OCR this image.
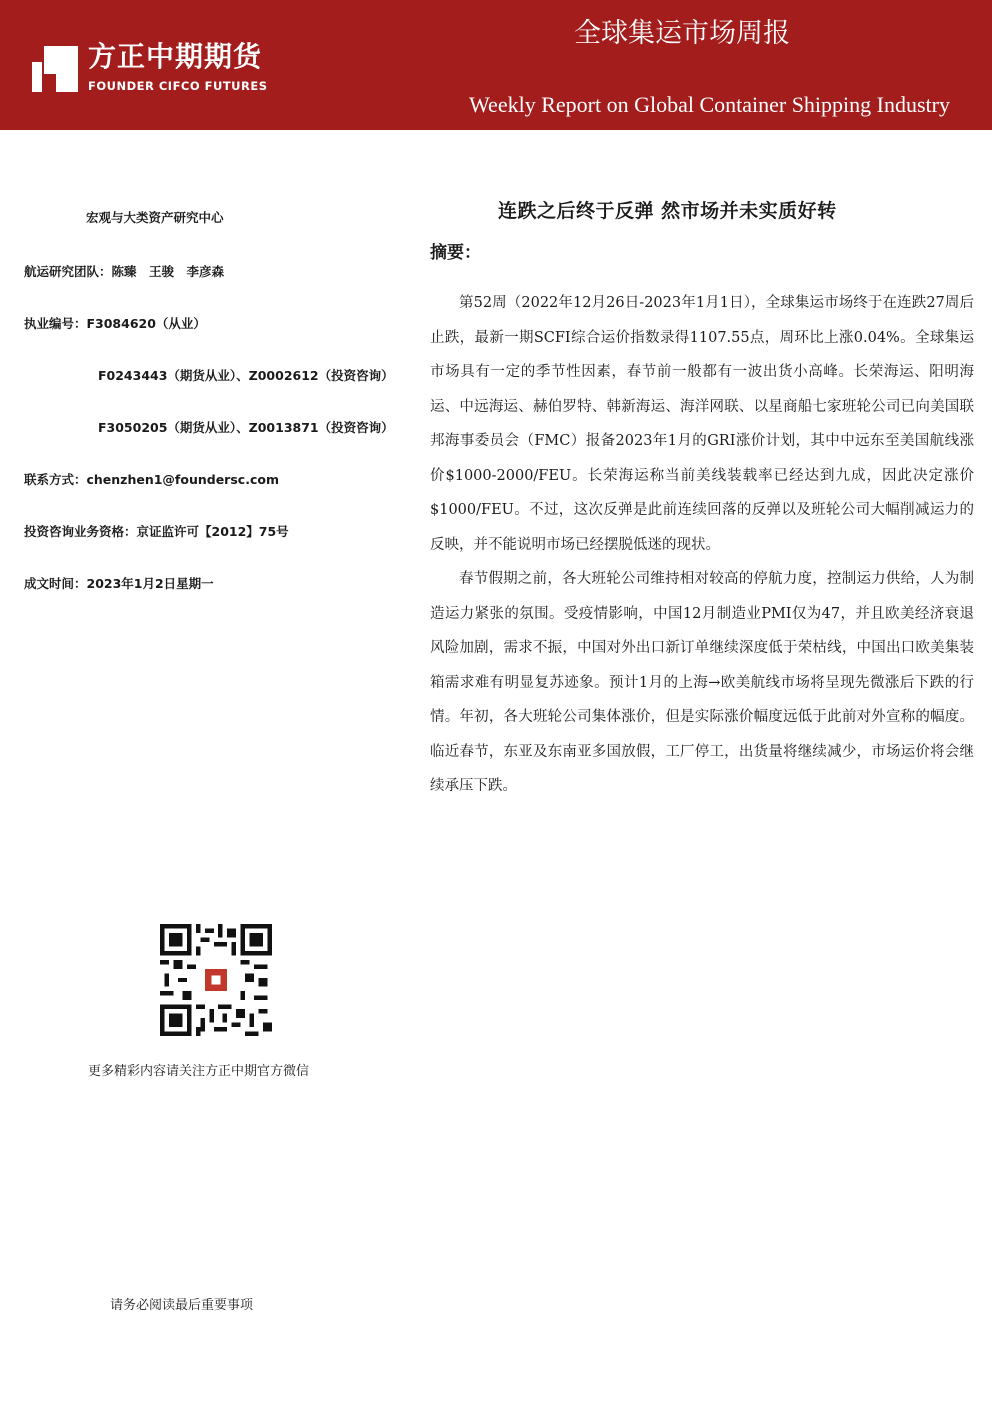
方正中期期货
FOUNDER CIFCO FUTURES
全球集运市场周报
Weekly Report on Global Container Shipping Industry
宏观与大类资产研究中心
航运研究团队：陈臻　王骏　李彦森
执业编号：F3084620（从业）
F0243443（期货从业）、Z0002612（投资咨询）
F3050205（期货从业）、Z0013871（投资咨询）
联系方式：chenzhen1@foundersc.com
投资咨询业务资格：京证监许可【2012】75号
成文时间：2023年1月2日星期一
更多精彩内容请关注方正中期官方微信
请务必阅读最后重要事项
连跌之后终于反弹 然市场并未实质好转
摘要：

第52周（2022年12月26日-2023年1月1日），全球集运市场终于在连跌27周后止跌，最新一期SCFI综合运价指数录得1107.55点，周环比上涨0.04%。全球集运市场具有一定的季节性因素，春节前一般都有一波出货小高峰。长荣海运、阳明海运、中远海运、赫伯罗特、韩新海运、海洋网联、以星商船七家班轮公司已向美国联邦海事委员会（FMC）报备2023年1月的GRI涨价计划，其中中远东至美国航线涨价$1000-2000/FEU。长荣海运称当前美线装载率已经达到九成，因此决定涨价$1000/FEU。不过，这次反弹是此前连续回落的反弹以及班轮公司大幅削减运力的反映，并不能说明市场已经摆脱低迷的现状。

春节假期之前，各大班轮公司维持相对较高的停航力度，控制运力供给，人为制造运力紧张的氛围。受疫情影响，中国12月制造业PMI仅为47，并且欧美经济衰退风险加剧，需求不振，中国对外出口新订单继续深度低于荣枯线，中国出口欧美集装箱需求难有明显复苏迹象。预计1月的上海→欧美航线市场将呈现先微涨后下跌的行情。年初，各大班轮公司集体涨价，但是实际涨价幅度远低于此前对外宣称的幅度。临近春节，东亚及东南亚多国放假，工厂停工，出货量将继续减少，市场运价将会继续承压下跌。
